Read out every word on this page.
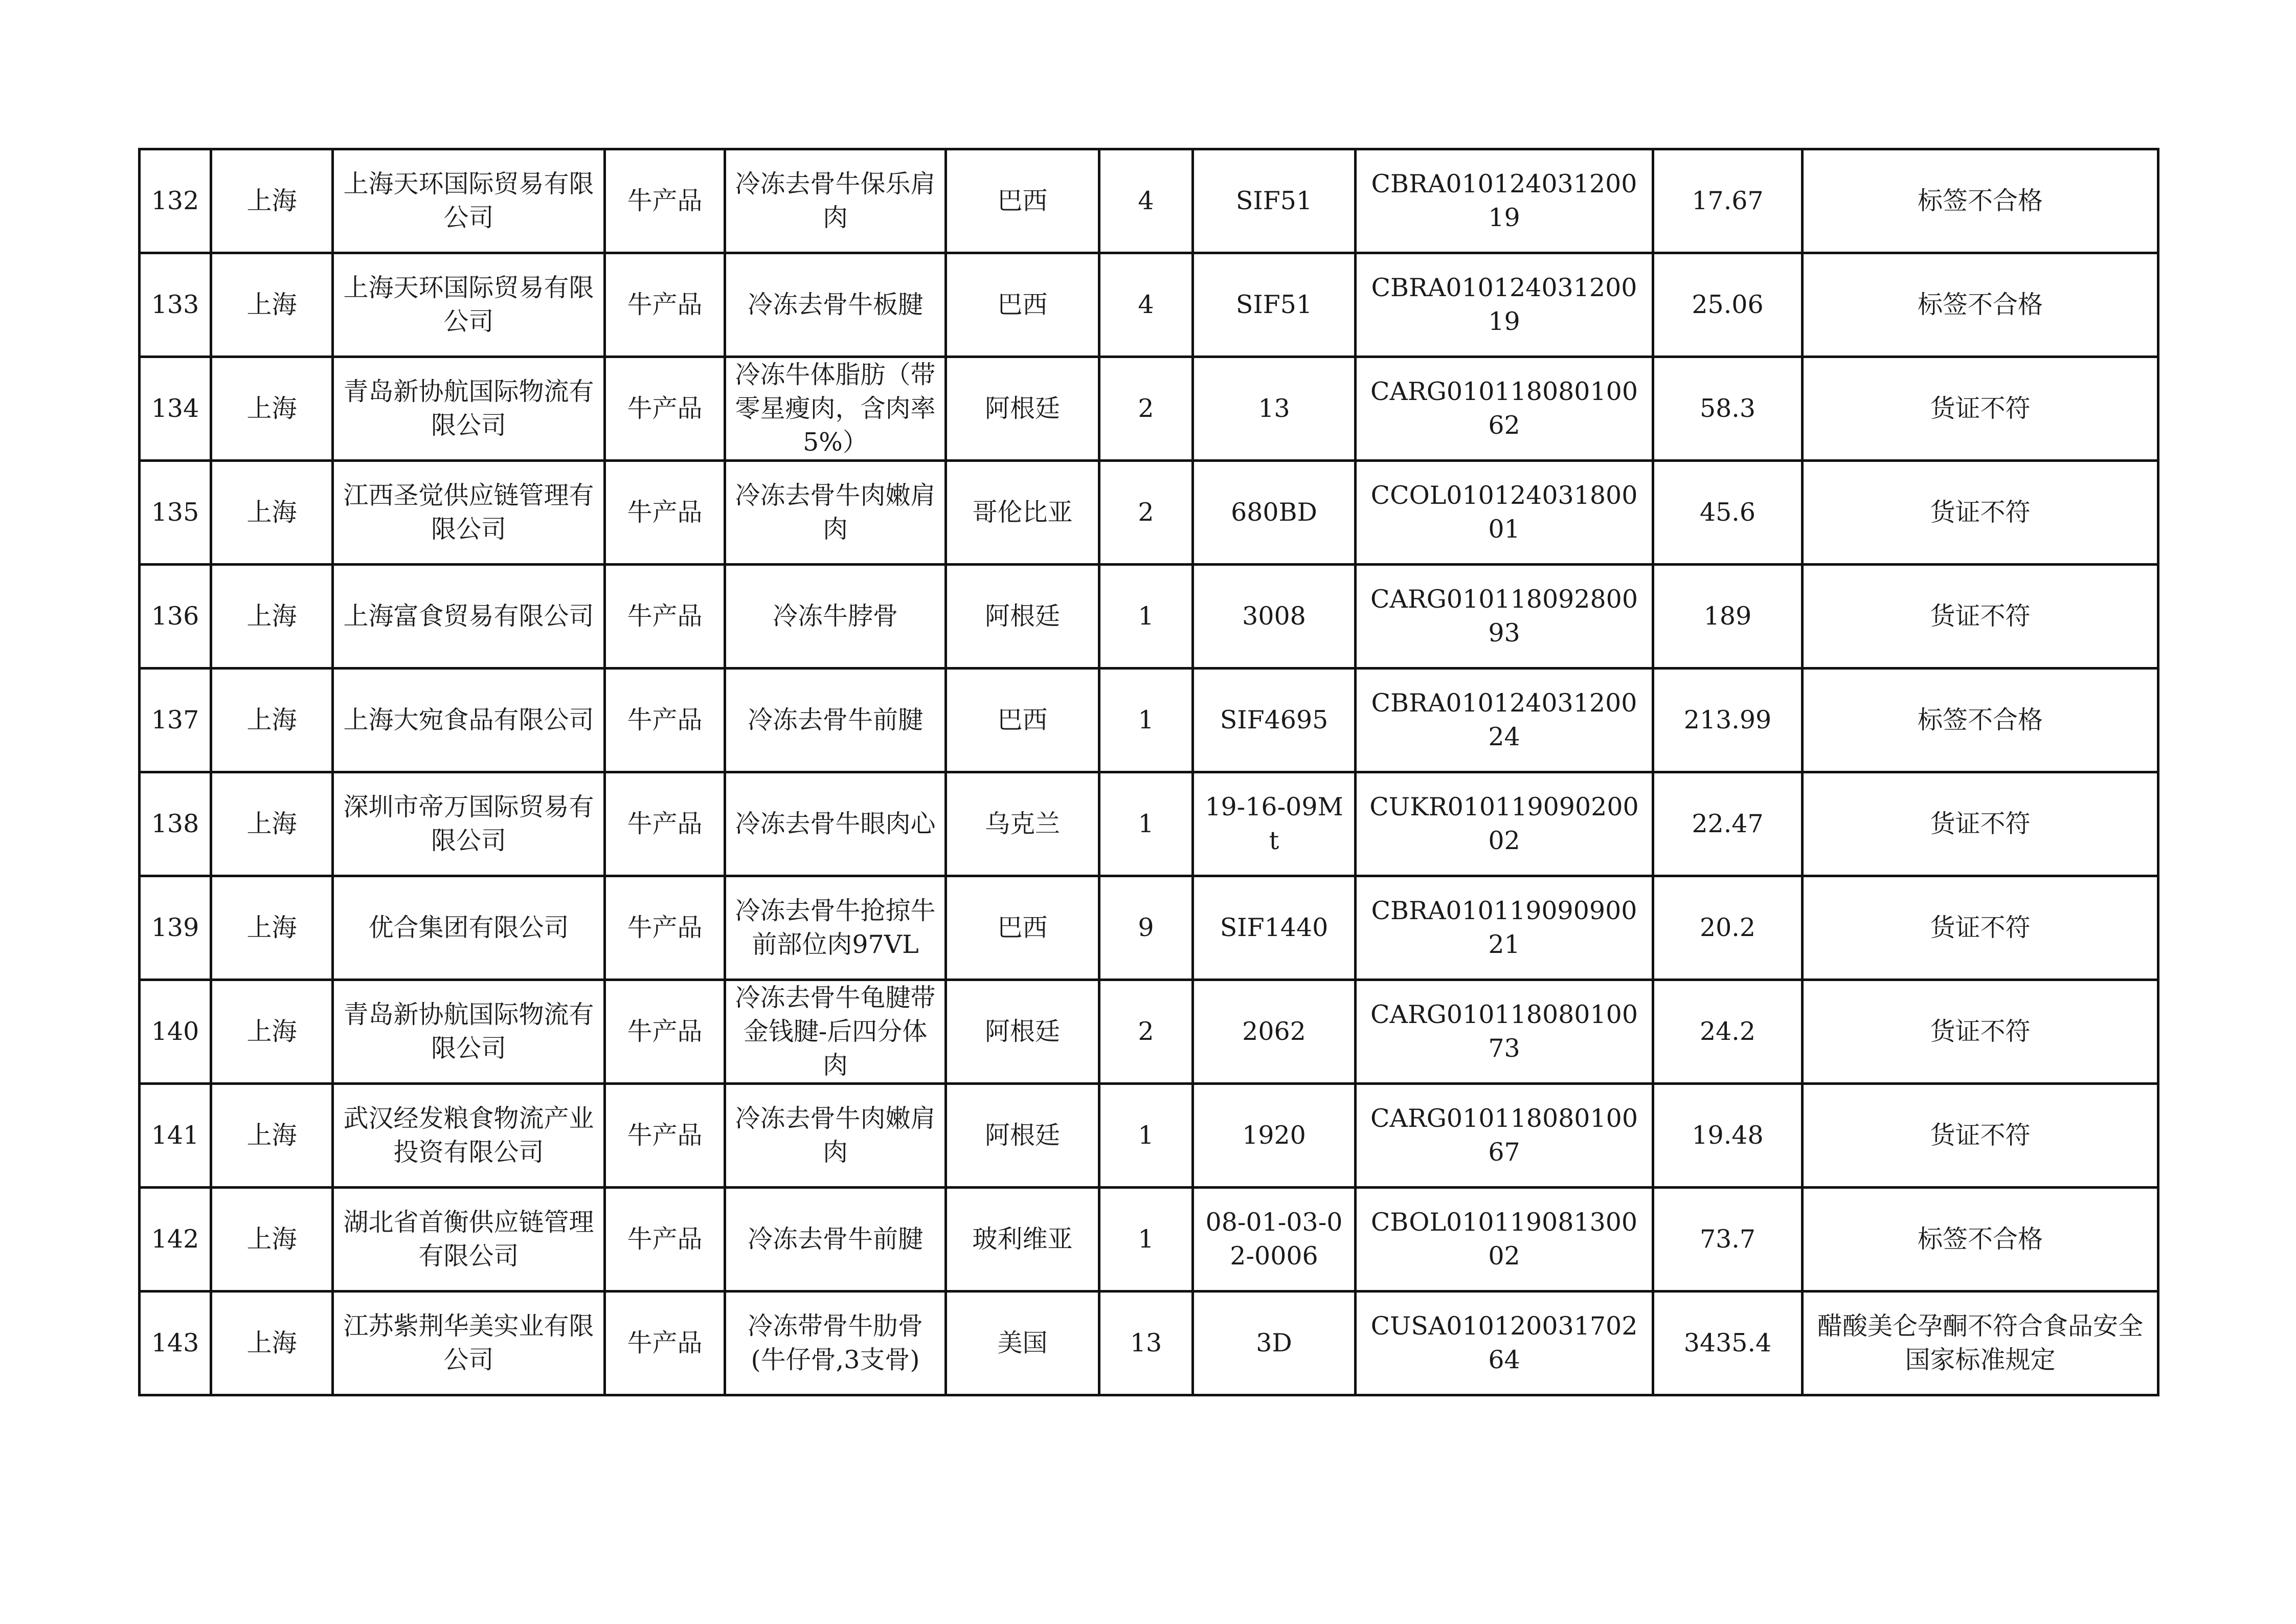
132	上海	上海天环国际贸易有限公司	牛产品	冷冻去骨牛保乐肩肉	巴西	4	SIF51	CBRA01012403120019	17.67	标签不合格
133	上海	上海天环国际贸易有限公司	牛产品	冷冻去骨牛板腱	巴西	4	SIF51	CBRA01012403120019	25.06	标签不合格
134	上海	青岛新协航国际物流有限公司	牛产品	冷冻牛体脂肪（带零星瘦肉，含肉率5%）	阿根廷	2	13	CARG01011808010062	58.3	货证不符
135	上海	江西圣觉供应链管理有限公司	牛产品	冷冻去骨牛肉嫩肩肉	哥伦比亚	2	680BD	CCOL01012403180001	45.6	货证不符
136	上海	上海富食贸易有限公司	牛产品	冷冻牛脖骨	阿根廷	1	3008	CARG01011809280093	189	货证不符
137	上海	上海大宛食品有限公司	牛产品	冷冻去骨牛前腱	巴西	1	SIF4695	CBRA01012403120024	213.99	标签不合格
138	上海	深圳市帝万国际贸易有限公司	牛产品	冷冻去骨牛眼肉心	乌克兰	1	19-16-09Mt	CUKR01011909020002	22.47	货证不符
139	上海	优合集团有限公司	牛产品	冷冻去骨牛抢掠牛前部位肉97VL	巴西	9	SIF1440	CBRA01011909090021	20.2	货证不符
140	上海	青岛新协航国际物流有限公司	牛产品	冷冻去骨牛龟腱带金钱腱-后四分体肉	阿根廷	2	2062	CARG01011808010073	24.2	货证不符
141	上海	武汉经发粮食物流产业投资有限公司	牛产品	冷冻去骨牛肉嫩肩肉	阿根廷	1	1920	CARG01011808010067	19.48	货证不符
142	上海	湖北省首衡供应链管理有限公司	牛产品	冷冻去骨牛前腱	玻利维亚	1	08-01-03-02-0006	CBOL01011908130002	73.7	标签不合格
143	上海	江苏紫荆华美实业有限公司	牛产品	冷冻带骨牛肋骨(牛仔骨,3支骨)	美国	13	3D	CUSA01012003170264	3435.4	醋酸美仑孕酮不符合食品安全国家标准规定
